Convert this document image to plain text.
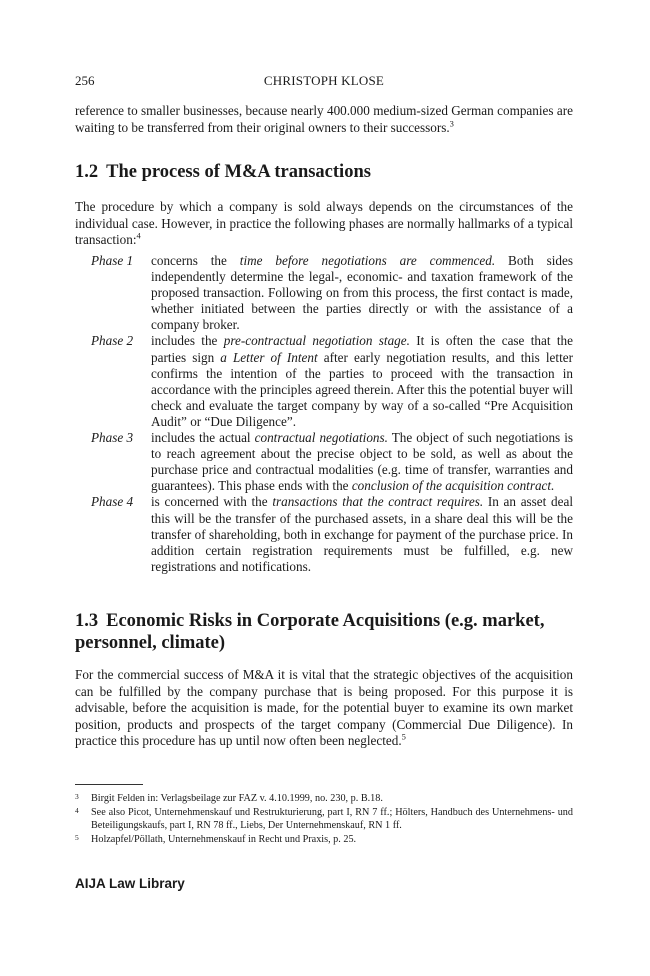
256	CHRISTOPH KLOSE

reference to smaller businesses, because nearly 400.000 medium-sized German companies are waiting to be transferred from their original owners to their successors.$^3$

1.2 The process of M&A transactions

The procedure by which a company is sold always depends on the circumstances of the individual case. However, in practice the following phases are normally hallmarks of a typical transaction:$^4$

Phase 1	concerns the time before negotiations are commenced. Both sides independently determine the legal-, economic- and taxation framework of the proposed transaction. Following on from this process, the first contact is made, whether initiated between the parties directly or with the assistance of a company broker.
Phase 2	includes the pre-contractual negotiation stage. It is often the case that the parties sign a Letter of Intent after early negotiation results, and this letter confirms the intention of the parties to proceed with the transaction in accordance with the principles agreed therein. After this the potential buyer will check and evaluate the target company by way of a so-called “Pre Acquisition Audit” or “Due Diligence”.
Phase 3	includes the actual contractual negotiations. The object of such negotiations is to reach agreement about the precise object to be sold, as well as about the purchase price and contractual modalities (e.g. time of transfer, warranties and guarantees). This phase ends with the conclusion of the acquisition contract.
Phase 4	is concerned with the transactions that the contract requires. In an asset deal this will be the transfer of the purchased assets, in a share deal this will be the transfer of shareholding, both in exchange for payment of the purchase price. In addition certain registration requirements must be fulfilled, e.g. new registrations and notifications.
1.3 Economic Risks in Corporate Acquisitions (e.g. market, personnel, climate)

For the commercial success of M&A it is vital that the strategic objectives of the acquisition can be fulfilled by the company purchase that is being proposed. For this purpose it is advisable, before the acquisition is made, for the potential buyer to examine its own market position, products and prospects of the target company (Commercial Due Diligence). In practice this procedure has up until now often been neglected.$^5$

3	Birgit Felden in: Verlagsbeilage zur FAZ v. 4.10.1999, no. 230, p. B.18.
4	See also Picot, Unternehmenskauf und Restrukturierung, part I, RN 7 ff.; Hölters, Handbuch des Unternehmens- und Beteiligungskaufs, part I, RN 78 ff., Liebs, Der Unternehmenskauf, RN 1 ff.
5	Holzapfel/Pöllath, Unternehmenskauf in Recht und Praxis, p. 25.
AIJA Law Library
